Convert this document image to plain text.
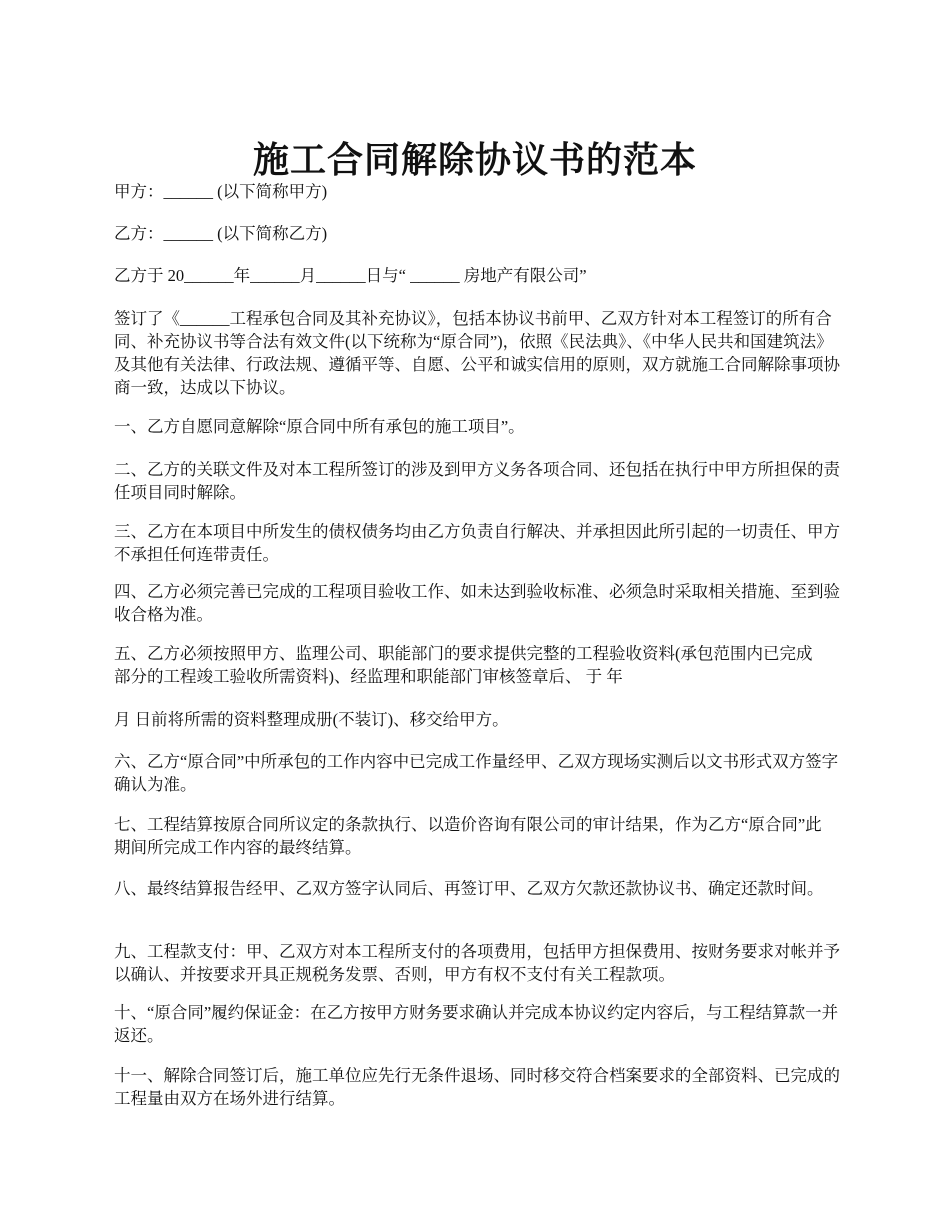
施工合同解除协议书的范本

甲方：______ (以下简称甲方)

乙方：______ (以下简称乙方)

乙方于 20______年______月______日与“ ______ 房地产有限公司”

签订了《______工程承包合同及其补充协议》，包括本协议书前甲、乙双方针对本工程签订的所有合同、补充协议书等合法有效文件(以下统称为“原合同”)，依照《民法典》、《中华人民共和国建筑法》及其他有关法律、行政法规、遵循平等、自愿、公平和诚实信用的原则，双方就施工合同解除事项协商一致，达成以下协议。

一、乙方自愿同意解除“原合同中所有承包的施工项目”。

二、乙方的关联文件及对本工程所签订的涉及到甲方义务各项合同、还包括在执行中甲方所担保的责任项目同时解除。

三、乙方在本项目中所发生的债权债务均由乙方负责自行解决、并承担因此所引起的一切责任、甲方不承担任何连带责任。

四、乙方必须完善已完成的工程项目验收工作、如未达到验收标准、必须急时采取相关措施、至到验收合格为准。

五、乙方必须按照甲方、监理公司、职能部门的要求提供完整的工程验收资料(承包范围内已完成部分的工程竣工验收所需资料)、经监理和职能部门审核签章后、 于 年

月 日前将所需的资料整理成册(不装订)、移交给甲方。

六、乙方“原合同”中所承包的工作内容中已完成工作量经甲、乙双方现场实测后以文书形式双方签字确认为准。

七、工程结算按原合同所议定的条款执行、以造价咨询有限公司的审计结果，作为乙方“原合同”此期间所完成工作内容的最终结算。

八、最终结算报告经甲、乙双方签字认同后、再签订甲、乙双方欠款还款协议书、确定还款时间。

九、工程款支付：甲、乙双方对本工程所支付的各项费用，包括甲方担保费用、按财务要求对帐并予以确认、并按要求开具正规税务发票、否则，甲方有权不支付有关工程款项。

十、“原合同”履约保证金：在乙方按甲方财务要求确认并完成本协议约定内容后，与工程结算款一并返还。

十一、解除合同签订后，施工单位应先行无条件退场、同时移交符合档案要求的全部资料、已完成的工程量由双方在场外进行结算。
